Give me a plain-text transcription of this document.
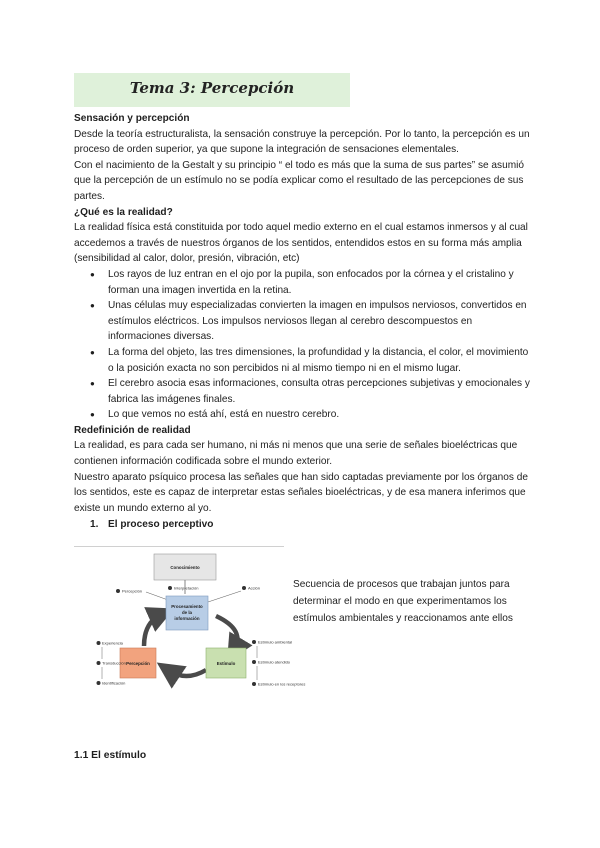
Tema 3: Percepción

Sensación y percepción

Desde la teoría estructuralista, la sensación construye la percepción. Por lo tanto, la percepción es un proceso de orden superior, ya que supone la integración de sensaciones elementales.

Con el nacimiento de la Gestalt y su principio “ el todo es más que la suma de sus partes” se asumió que la percepción de un estímulo no se podía explicar como el resultado de las percepciones de sus partes.

¿Qué es la realidad?

La realidad física está constituida por todo aquel medio externo en el cual estamos inmersos y al cual accedemos a través de nuestros órganos de los sentidos, entendidos estos en su forma más amplia (sensibilidad al calor, dolor, presión, vibración, etc)

● Los rayos de luz entran en el ojo por la pupila, son enfocados por la córnea y el cristalino y forman una imagen invertida en la retina.
● Unas células muy especializadas convierten la imagen en impulsos nerviosos, convertidos en estímulos eléctricos. Los impulsos nerviosos llegan al cerebro descompuestos en informaciones diversas.
● La forma del objeto, las tres dimensiones, la profundidad y la distancia, el color, el movimiento o la posición exacta no son percibidos ni al mismo tiempo ni en el mismo lugar.
● El cerebro asocia esas informaciones, consulta otras percepciones subjetivas y emocionales y fabrica las imágenes finales.
● Lo que vemos no está ahí, está en nuestro cerebro.

Redefinición de realidad

La realidad, es para cada ser humano, ni más ni menos que una serie de señales bioeléctricas que contienen información codificada sobre el mundo exterior.

Nuestro aparato psíquico procesa las señales que han sido captadas previamente por los órganos de los sentidos, este es capaz de interpretar estas señales bioeléctricas, y de esa manera inferimos que existe un mundo externo al yo.

1. El proceso perceptivo
Conocimiento
Percepción
Interpretación	Acción
Procesamiento
de la
información
Percepción	Estímulo
Experiencia
Transducción
Identificación
Estímulo ambiental
Estímulo atendido
Estímulo en los receptores
Secuencia de procesos que trabajan juntos para determinar el modo en que experimentamos los estímulos ambientales y reaccionamos ante ellos
1.1 El estímulo
